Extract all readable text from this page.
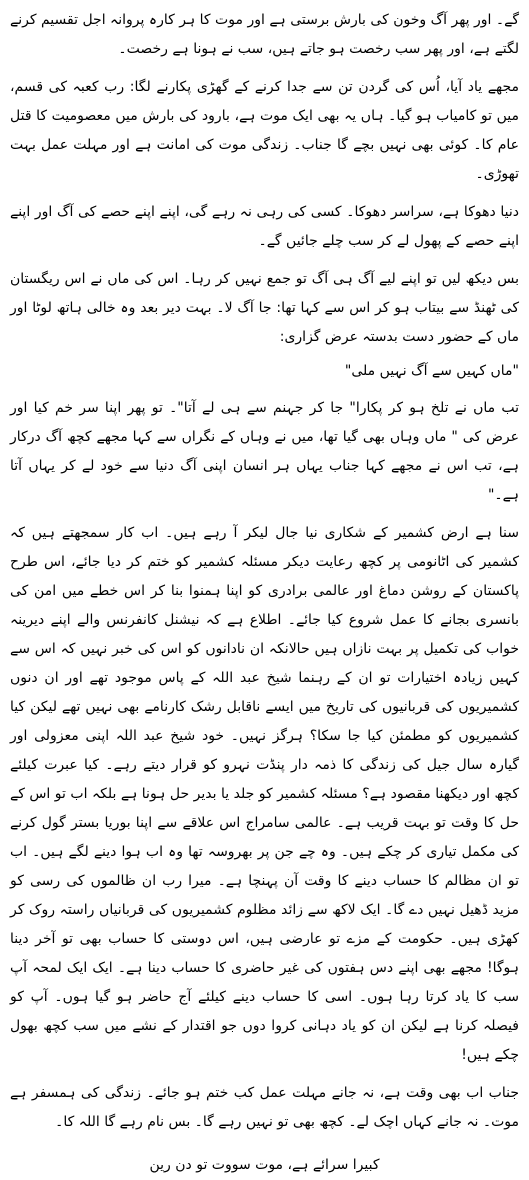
گے۔ اور پھر آگ وخون کی بارش برستی ہے اور موت کا ہر کارہ پروانہ اجل تقسیم کرنے لگتے ہے، اور پھر سب رخصت ہو جاتے ہیں، سب نے ہونا ہے رخصت۔

مجھے یاد آیا، اُس کی گردن تن سے جدا کرنے کے گھڑی پکارنے لگا: رب کعبہ کی قسم، میں تو کامیاب ہو گیا۔ ہاں یہ بھی ایک موت ہے، بارود کی بارش میں معصومیت کا قتل عام کا۔ کوئی بھی نہیں بچے گا جناب۔ زندگی موت کی امانت ہے اور مہلت عمل بہت تھوڑی۔

دنیا دھوکا ہے، سراسر دھوکا۔ کسی کی رہی نہ رہے گی، اپنے اپنے حصے کی آگ اور اپنے اپنے حصے کے پھول لے کر سب چلے جائیں گے۔

بس دیکھ لیں تو اپنے لیے آگ ہی آگ تو جمع نہیں کر رہا۔ اس کی ماں نے اس ریگستان کی ٹھنڈ سے بیتاب ہو کر اس سے کہا تھا: جا آگ لا۔ بہت دیر بعد وہ خالی ہاتھ لوٹا اور ماں کے حضور دست بدستہ عرض گزاری:

"ماں کہیں سے آگ نہیں ملی"

تب ماں نے تلخ ہو کر پکارا" جا کر جہنم سے ہی لے آتا"۔ تو پھر اپنا سر خم کیا اور عرض کی " ماں وہاں بھی گیا تھا، میں نے وہاں کے نگراں سے کہا مجھے کچھ آگ درکار ہے، تب اس نے مجھے کہا جناب یہاں ہر انسان اپنی آگ دنیا سے خود لے کر یہاں آتا ہے۔"

سنا ہے ارض کشمیر کے شکاری نیا جال لیکر آ رہے ہیں۔ اب کار سمجھتے ہیں کہ کشمیر کی اٹانومی پر کچھ رعایت دیکر مسئلہ کشمیر کو ختم کر دیا جائے، اس طرح پاکستان کے روشن دماغ اور عالمی برادری کو اپنا ہمنوا بنا کر اس خطے میں امن کی بانسری بجانے کا عمل شروع کیا جائے۔ اطلاع ہے کہ نیشنل کانفرنس والے اپنے دیرینہ خواب کی تکمیل پر بہت نازاں ہیں حالانکہ ان نادانوں کو اس کی خبر نہیں کہ اس سے کہیں زیادہ اختیارات تو ان کے رہنما شیخ عبد اللہ کے پاس موجود تھے اور ان دنوں کشمیریوں کی قربانیوں کی تاریخ میں ایسے ناقابل رشک کارنامے بھی نہیں تھے لیکن کیا کشمیریوں کو مطمئن کیا جا سکا؟ ہرگز نہیں۔ خود شیخ عبد اللہ اپنی معزولی اور گیارہ سال جیل کی زندگی کا ذمہ دار پنڈت نہرو کو قرار دیتے رہے۔ کیا عبرت کیلئے کچھ اور دیکھنا مقصود ہے؟ مسئلہ کشمیر کو جلد یا بدیر حل ہونا ہے بلکہ اب تو اس کے حل کا وقت تو بہت قریب ہے۔ عالمی سامراج اس علاقے سے اپنا بوریا بستر گول کرنے کی مکمل تیاری کر چکے ہیں۔ وہ چے جن پر بھروسہ تھا وہ اب ہوا دینے لگے ہیں۔ اب تو ان مظالم کا حساب دینے کا وقت آن پہنچا ہے۔ میرا رب ان ظالموں کی رسی کو مزید ڈھیل نہیں دے گا۔ ایک لاکھ سے زائد مظلوم کشمیریوں کی قربانیاں راستہ روک کر کھڑی ہیں۔ حکومت کے مزے تو عارضی ہیں، اس دوستی کا حساب بھی تو آخر دینا ہوگا! مجھے بھی اپنے دس ہفتوں کی غیر حاضری کا حساب دینا ہے۔ ایک ایک لمحہ آپ سب کا یاد کرتا رہا ہوں۔ اسی کا حساب دینے کیلئے آج حاضر ہو گیا ہوں۔ آپ کو فیصلہ کرنا ہے لیکن ان کو یاد دہانی کروا دوں جو اقتدار کے نشے میں سب کچھ بھول چکے ہیں!

جناب اب بھی وقت ہے، نہ جانے مہلت عمل کب ختم ہو جائے۔ زندگی کی ہمسفر ہے موت۔ نہ جانے کہاں اچک لے۔ کچھ بھی تو نہیں رہے گا۔ بس نام رہے گا اللہ کا۔

کبیرا سرائے ہے، موت سووت تو دن رین
